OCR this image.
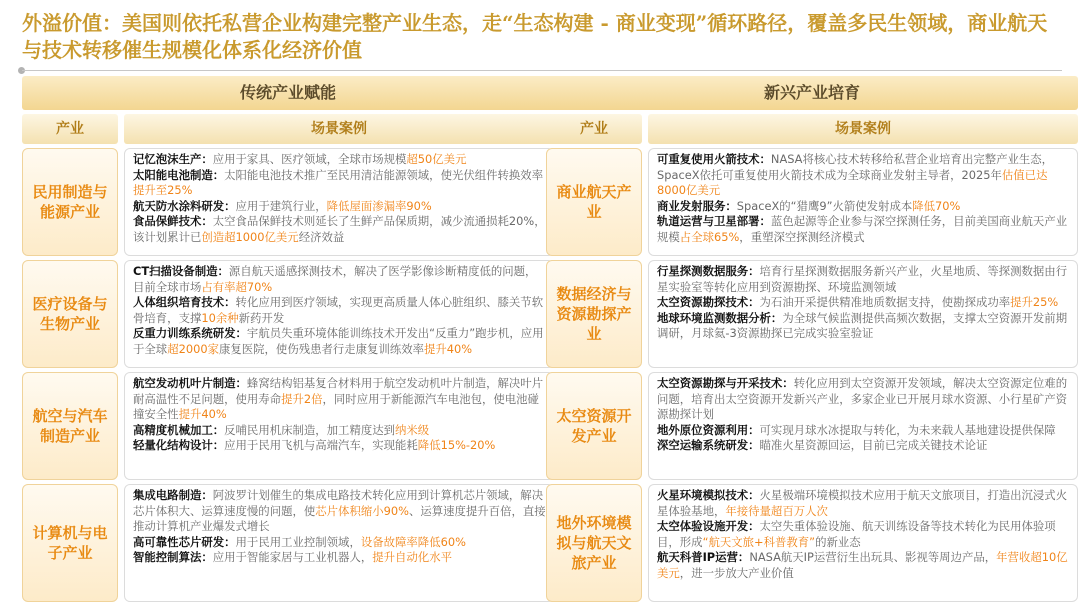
外溢价值：美国则依托私营企业构建完整产业生态，走“生态构建 - 商业变现”循环路径，覆盖多民生领域，商业航天与技术转移催生规模化体系化经济价值
传统产业赋能
产业	场景案例
民用制造与能源产业
记忆泡沫生产：应用于家具、医疗领域，全球市场规模超50亿美元
太阳能电池制造：太阳能电池技术推广至民用清洁能源领域，使光伏组件转换效率提升至25%
航天防水涂料研发：应用于建筑行业，降低屋面渗漏率90%
食品保鲜技术：太空食品保鲜技术则延长了生鲜产品保质期，减少流通损耗20%，该计划累计已创造超1000亿美元经济效益
医疗设备与生物产业
CT扫描设备制造：源自航天遥感探测技术，解决了医学影像诊断精度低的问题，目前全球市场占有率超70%
人体组织培育技术：转化应用到医疗领域，实现更高质量人体心脏组织、膝关节软骨培育，支撑10余种新药开发
反重力训练系统研发：宇航员失重环境体能训练技术开发出“反重力”跑步机，应用于全球超2000家康复医院，使伤残患者行走康复训练效率提升40%
航空与汽车制造产业
航空发动机叶片制造：蜂窝结构铝基复合材料用于航空发动机叶片制造，解决叶片耐高温性不足问题，使用寿命提升2倍，同时应用于新能源汽车电池包，使电池碰撞安全性提升40%
高精度机械加工：反哺民用机床制造，加工精度达到纳米级
轻量化结构设计：应用于民用飞机与高端汽车，实现能耗降低15%-20%
计算机与电子产业
集成电路制造：阿波罗计划催生的集成电路技术转化应用到计算机芯片领域，解决芯片体积大、运算速度慢的问题，使芯片体积缩小90%、运算速度提升百倍，直接推动计算机产业爆发式增长
高可靠性芯片研发：用于民用工业控制领域，设备故障率降低60%
智能控制算法：应用于智能家居与工业机器人，提升自动化水平
新兴产业培育
产业	场景案例
商业航天产业
可重复使用火箭技术：NASA将核心技术转移给私营企业培育出完整产业生态，SpaceX依托可重复使用火箭技术成为全球商业发射主导者，2025年估值已达8000亿美元
商业发射服务：SpaceX的“猎鹰9”火箭使发射成本降低70%
轨道运营与卫星部署：蓝色起源等企业参与深空探测任务，目前美国商业航天产业规模占全球65%，重塑深空探测经济模式
数据经济与资源勘探产业
行星探测数据服务：培育行星探测数据服务新兴产业，火星地质、等探测数据由行星实验室等转化应用到资源勘探、环境监测领域
太空资源勘探技术：为石油开采提供精准地质数据支持，使勘探成功率提升25%
地球环境监测数据分析：为全球气候监测提供高频次数据，支撑太空资源开发前期调研，月球氦-3资源勘探已完成实验室验证
太空资源开发产业
太空资源勘探与开采技术：转化应用到太空资源开发领域，解决太空资源定位难的问题，培育出太空资源开发新兴产业，多家企业已开展月球水资源、小行星矿产资源勘探计划
地外原位资源利用：可实现月球水冰提取与转化，为未来载人基地建设提供保障
深空运输系统研发：瞄准火星资源回运，目前已完成关键技术论证
地外环境模拟与航天文旅产业
火星环境模拟技术：火星极端环境模拟技术应用于航天文旅项目，打造出沉浸式火星体验基地，年接待量超百万人次
太空体验设施开发：太空失重体验设施、航天训练设备等技术转化为民用体验项目，形成“航天文旅+科普教育”的新业态
航天科普IP运营：NASA航天IP运营衍生出玩具、影视等周边产品，年营收超10亿美元，进一步放大产业价值
